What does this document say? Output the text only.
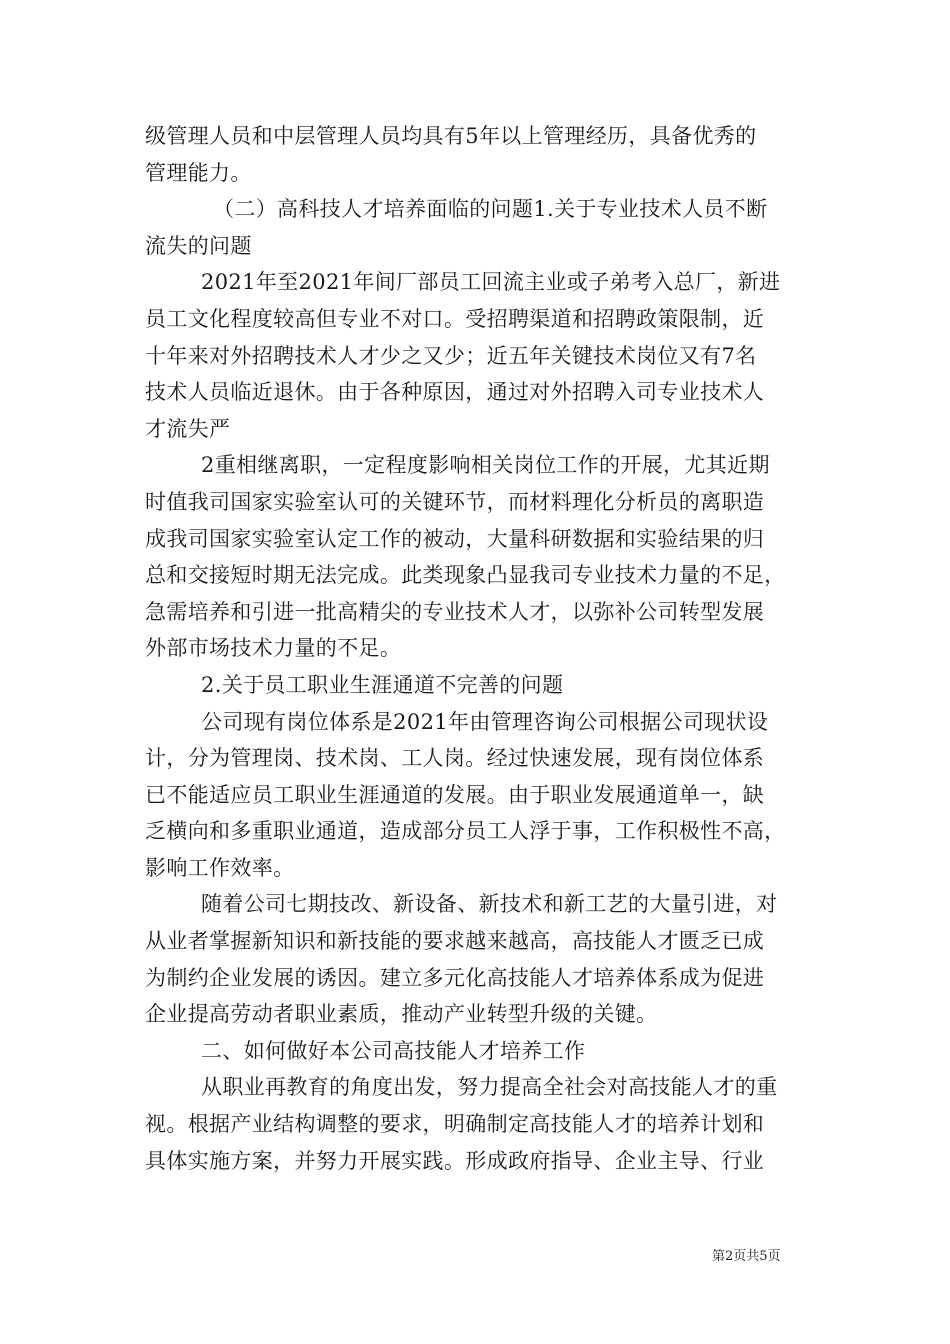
级管理人员和中层管理人员均具有5年以上管理经历，具备优秀的
管理能力。
（二）高科技人才培养面临的问题1.关于专业技术人员不断
流失的问题
2021年至2021年间厂部员工回流主业或子弟考入总厂，新进
员工文化程度较高但专业不对口。受招聘渠道和招聘政策限制，近
十年来对外招聘技术人才少之又少；近五年关键技术岗位又有7名
技术人员临近退休。由于各种原因，通过对外招聘入司专业技术人
才流失严
2重相继离职，一定程度影响相关岗位工作的开展，尤其近期
时值我司国家实验室认可的关键环节，而材料理化分析员的离职造
成我司国家实验室认定工作的被动，大量科研数据和实验结果的归
总和交接短时期无法完成。此类现象凸显我司专业技术力量的不足，
急需培养和引进一批高精尖的专业技术人才，以弥补公司转型发展
外部市场技术力量的不足。
2.关于员工职业生涯通道不完善的问题
公司现有岗位体系是2021年由管理咨询公司根据公司现状设
计，分为管理岗、技术岗、工人岗。经过快速发展，现有岗位体系
已不能适应员工职业生涯通道的发展。由于职业发展通道单一，缺
乏横向和多重职业通道，造成部分员工人浮于事，工作积极性不高，
影响工作效率。
随着公司七期技改、新设备、新技术和新工艺的大量引进，对
从业者掌握新知识和新技能的要求越来越高，高技能人才匮乏已成
为制约企业发展的诱因。建立多元化高技能人才培养体系成为促进
企业提高劳动者职业素质，推动产业转型升级的关键。
二、如何做好本公司高技能人才培养工作
从职业再教育的角度出发，努力提高全社会对高技能人才的重
视。根据产业结构调整的要求，明确制定高技能人才的培养计划和
具体实施方案，并努力开展实践。形成政府指导、企业主导、行业
第2页共5页
